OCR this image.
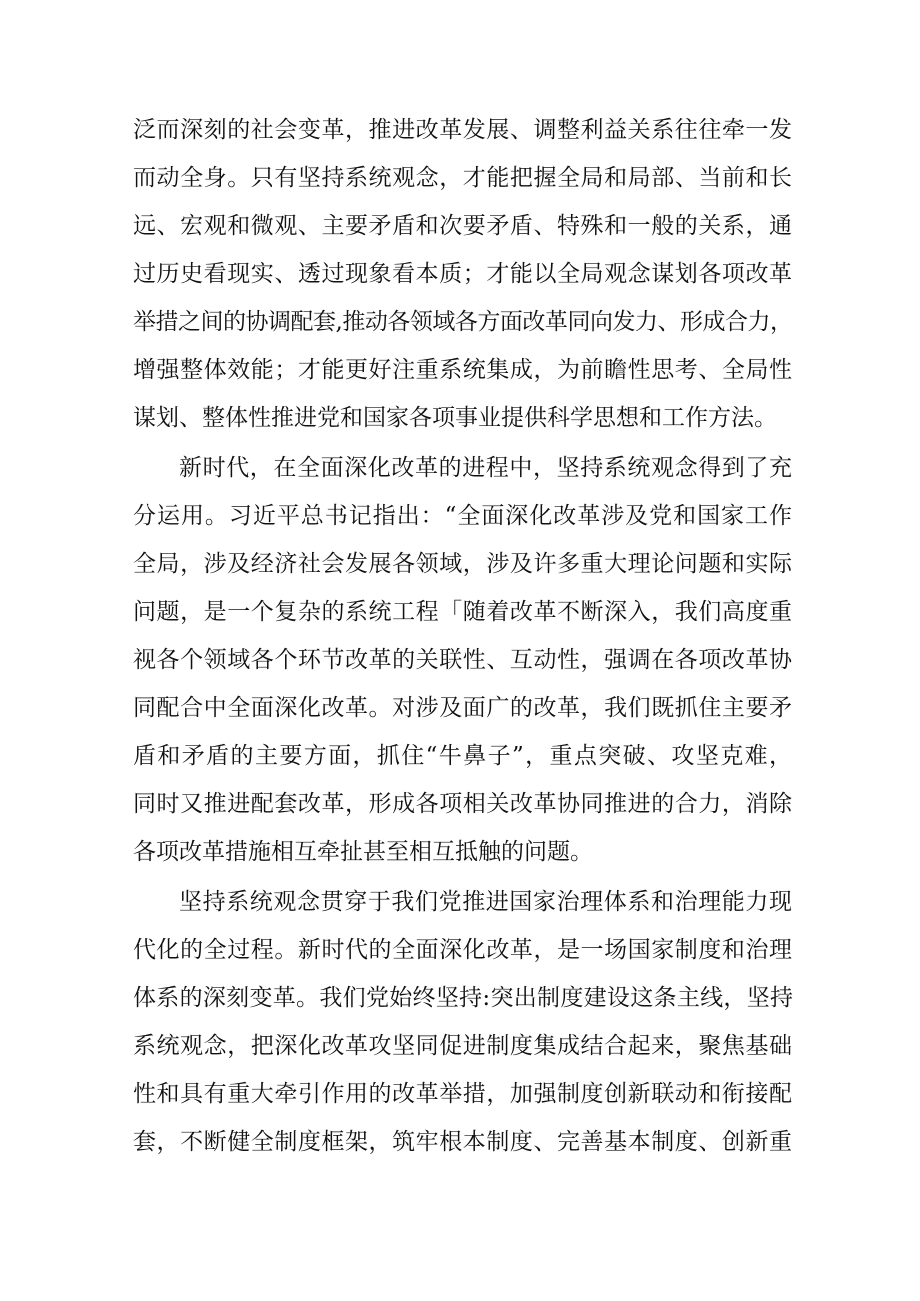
泛而深刻的社会变革，推进改革发展、调整利益关系往往牵一发
而动全身。只有坚持系统观念，才能把握全局和局部、当前和长
远、宏观和微观、主要矛盾和次要矛盾、特殊和一般的关系，通
过历史看现实、透过现象看本质；才能以全局观念谋划各项改革
举措之间的协调配套,推动各领域各方面改革同向发力、形成合力，
增强整体效能；才能更好注重系统集成，为前瞻性思考、全局性
谋划、整体性推进党和国家各项事业提供科学思想和工作方法。
新时代，在全面深化改革的进程中，坚持系统观念得到了充
分运用。习近平总书记指出：“全面深化改革涉及党和国家工作
全局，涉及经济社会发展各领域，涉及许多重大理论问题和实际
问题，是一个复杂的系统工程「随着改革不断深入，我们高度重
视各个领域各个环节改革的关联性、互动性，强调在各项改革协
同配合中全面深化改革。对涉及面广的改革，我们既抓住主要矛
盾和矛盾的主要方面，抓住“牛鼻子”，重点突破、攻坚克难，
同时又推进配套改革，形成各项相关改革协同推进的合力，消除
各项改革措施相互牵扯甚至相互抵触的问题。
坚持系统观念贯穿于我们党推进国家治理体系和治理能力现
代化的全过程。新时代的全面深化改革，是一场国家制度和治理
体系的深刻变革。我们党始终坚持:突出制度建设这条主线，坚持
系统观念，把深化改革攻坚同促进制度集成结合起来，聚焦基础
性和具有重大牵引作用的改革举措，加强制度创新联动和衔接配
套，不断健全制度框架，筑牢根本制度、完善基本制度、创新重
